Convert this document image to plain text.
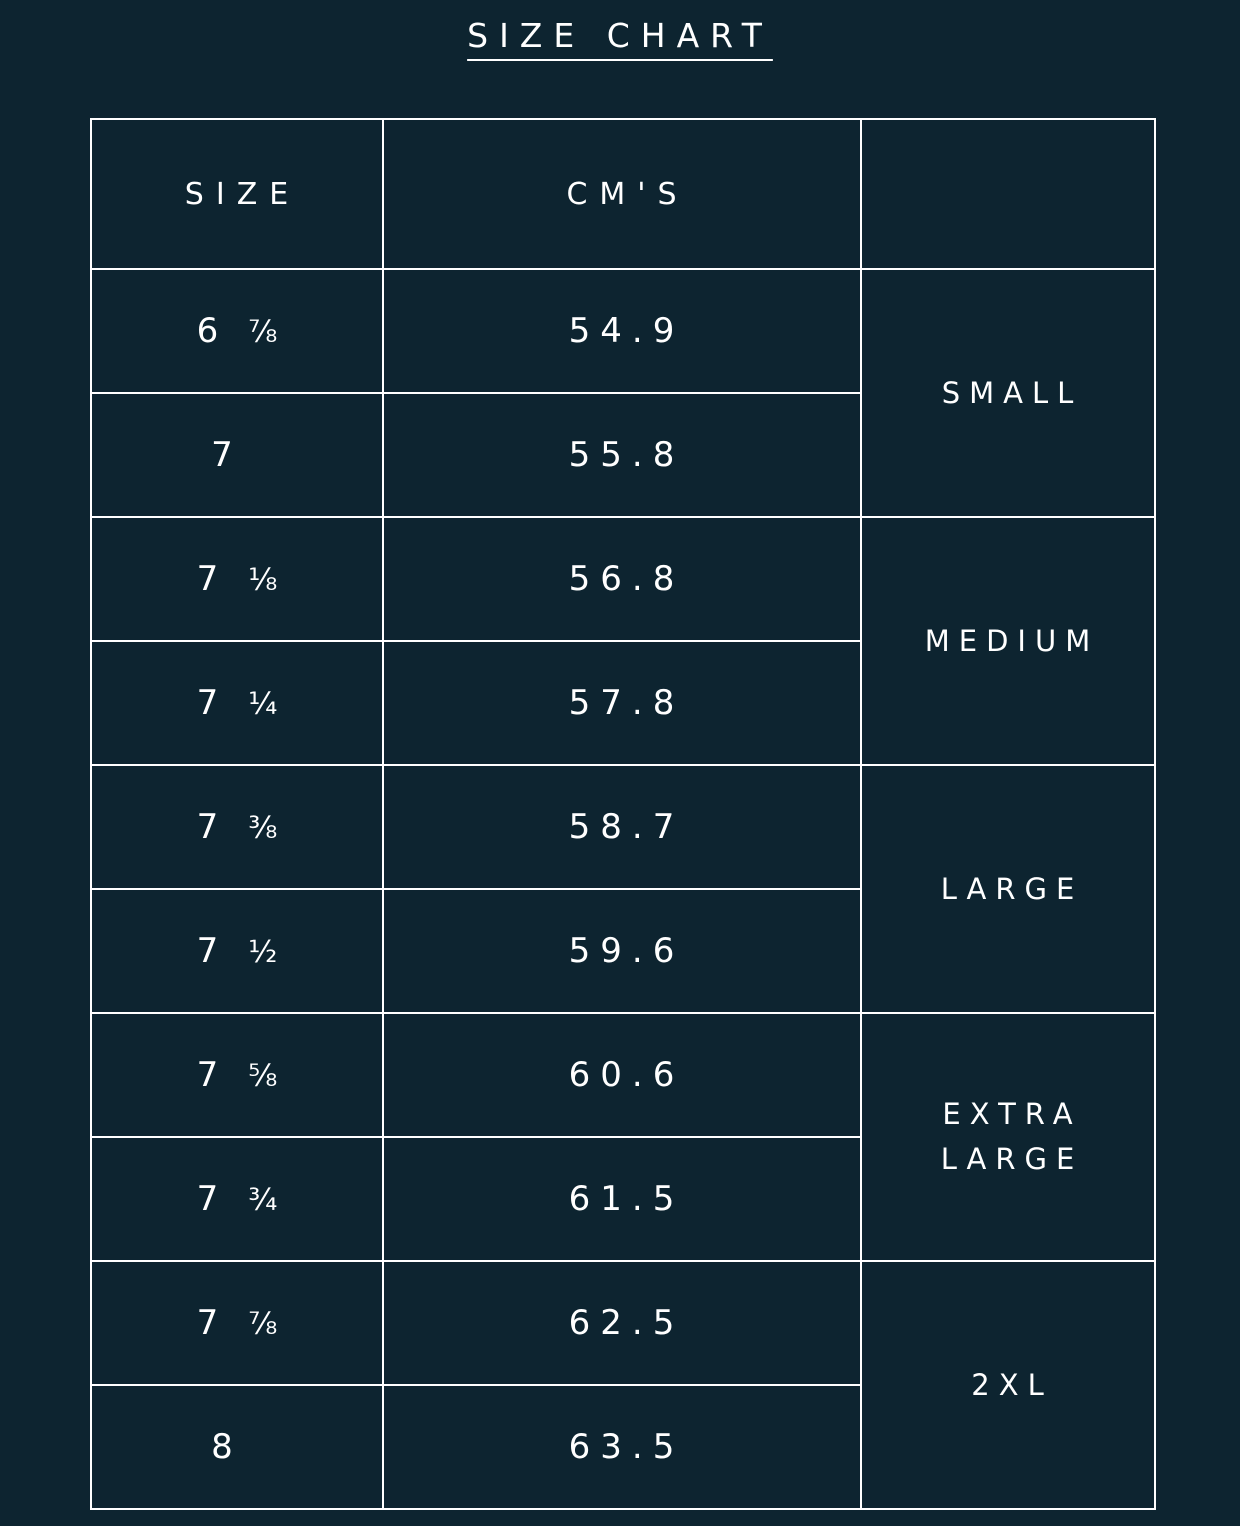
SIZE CHART
SIZE	CM'S	

6 ⅞	54.9	SMALL

7	55.8	

7 ⅛	56.8	MEDIUM

7 ¼	57.8	

7 ⅜	58.7	LARGE

7 ½	59.6	

7 ⅝	60.6	EXTRA LARGE

7 ¾	61.5	

7 ⅞	62.5	2XL

8	63.5	
